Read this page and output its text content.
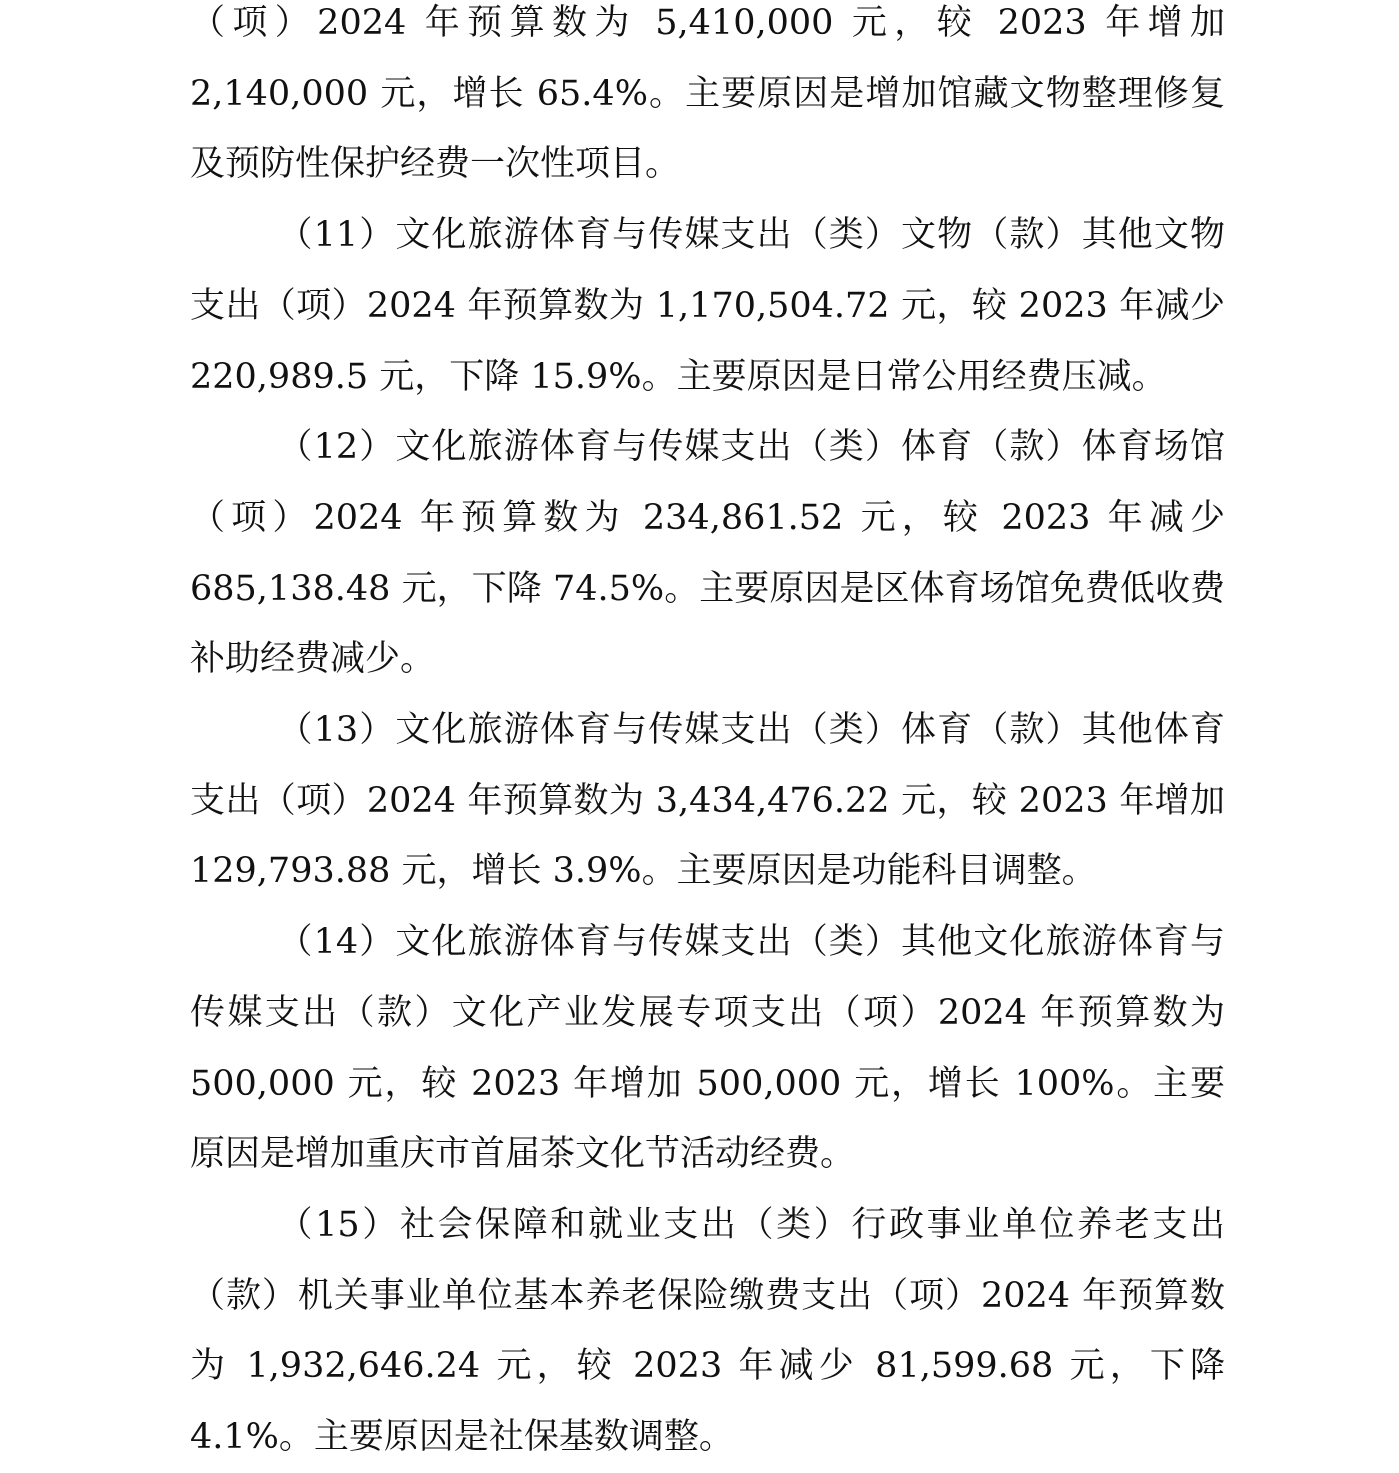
（项）2024 年预算数为 5,410,000 元，较 2023 年增加 2,140,000 元，增长 65.4%。主要原因是增加馆藏文物整理修复及预防性保护经费一次性项目。

（11）文化旅游体育与传媒支出（类）文物（款）其他文物支出（项）2024 年预算数为 1,170,504.72 元，较 2023 年减少 220,989.5 元，下降 15.9%。主要原因是日常公用经费压减。

（12）文化旅游体育与传媒支出（类）体育（款）体育场馆（项）2024 年预算数为 234,861.52 元，较 2023 年减少 685,138.48 元，下降 74.5%。主要原因是区体育场馆免费低收费补助经费减少。

（13）文化旅游体育与传媒支出（类）体育（款）其他体育支出（项）2024 年预算数为 3,434,476.22 元，较 2023 年增加 129,793.88 元，增长 3.9%。主要原因是功能科目调整。

（14）文化旅游体育与传媒支出（类）其他文化旅游体育与传媒支出（款）文化产业发展专项支出（项）2024 年预算数为 500,000 元，较 2023 年增加 500,000 元，增长 100%。主要原因是增加重庆市首届茶文化节活动经费。

（15）社会保障和就业支出（类）行政事业单位养老支出（款）机关事业单位基本养老保险缴费支出（项）2024 年预算数为 1,932,646.24 元，较 2023 年减少 81,599.68 元，下降 4.1%。主要原因是社保基数调整。
